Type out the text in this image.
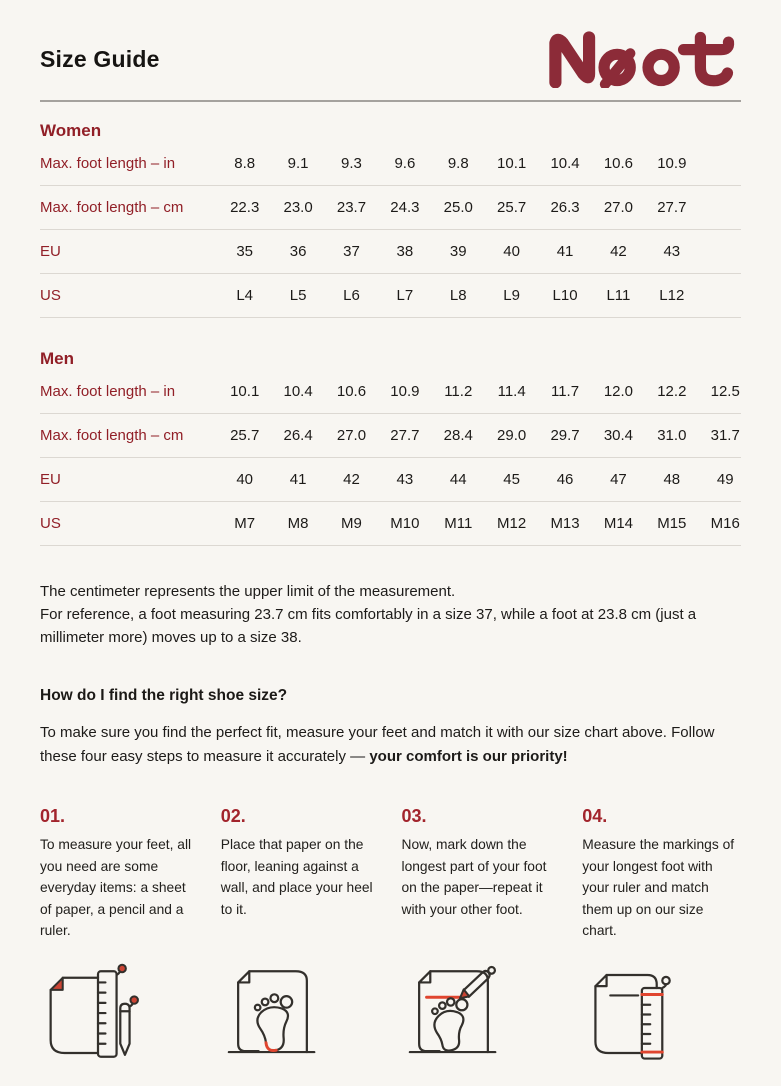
Size Guide
Women
Max. foot length – in	8.8	9.1	9.3	9.6	9.8	10.1	10.4	10.6	10.9
Max. foot length – cm	22.3	23.0	23.7	24.3	25.0	25.7	26.3	27.0	27.7
EU	35	36	37	38	39	40	41	42	43
US	L4	L5	L6	L7	L8	L9	L10	L11	L12
Men
Max. foot length – in	10.1	10.4	10.6	10.9	11.2	11.4	11.7	12.0	12.2	12.5
Max. foot length – cm	25.7	26.4	27.0	27.7	28.4	29.0	29.7	30.4	31.0	31.7
EU	40	41	42	43	44	45	46	47	48	49
US	M7	M8	M9	M10	M11	M12	M13	M14	M15	M16

The centimeter represents the upper limit of the measurement.

For reference, a foot measuring 23.7 cm fits comfortably in a size 37, while a foot at 23.8 cm (just a millimeter more) moves up to a size 38.

How do I find the right shoe size?

To make sure you find the perfect fit, measure your feet and match it with our size chart above. Follow these four easy steps to measure it accurately — your comfort is our priority!

01.
To measure your feet, all you need are some everyday items: a sheet of paper, a pencil and a ruler.
02.
Place that paper on the floor, leaning against a wall, and place your heel to it.
03.
Now, mark down the longest part of your foot on the paper—repeat it with your other foot.
04.
Measure the markings of your longest foot with your ruler and match them up on our size chart.
